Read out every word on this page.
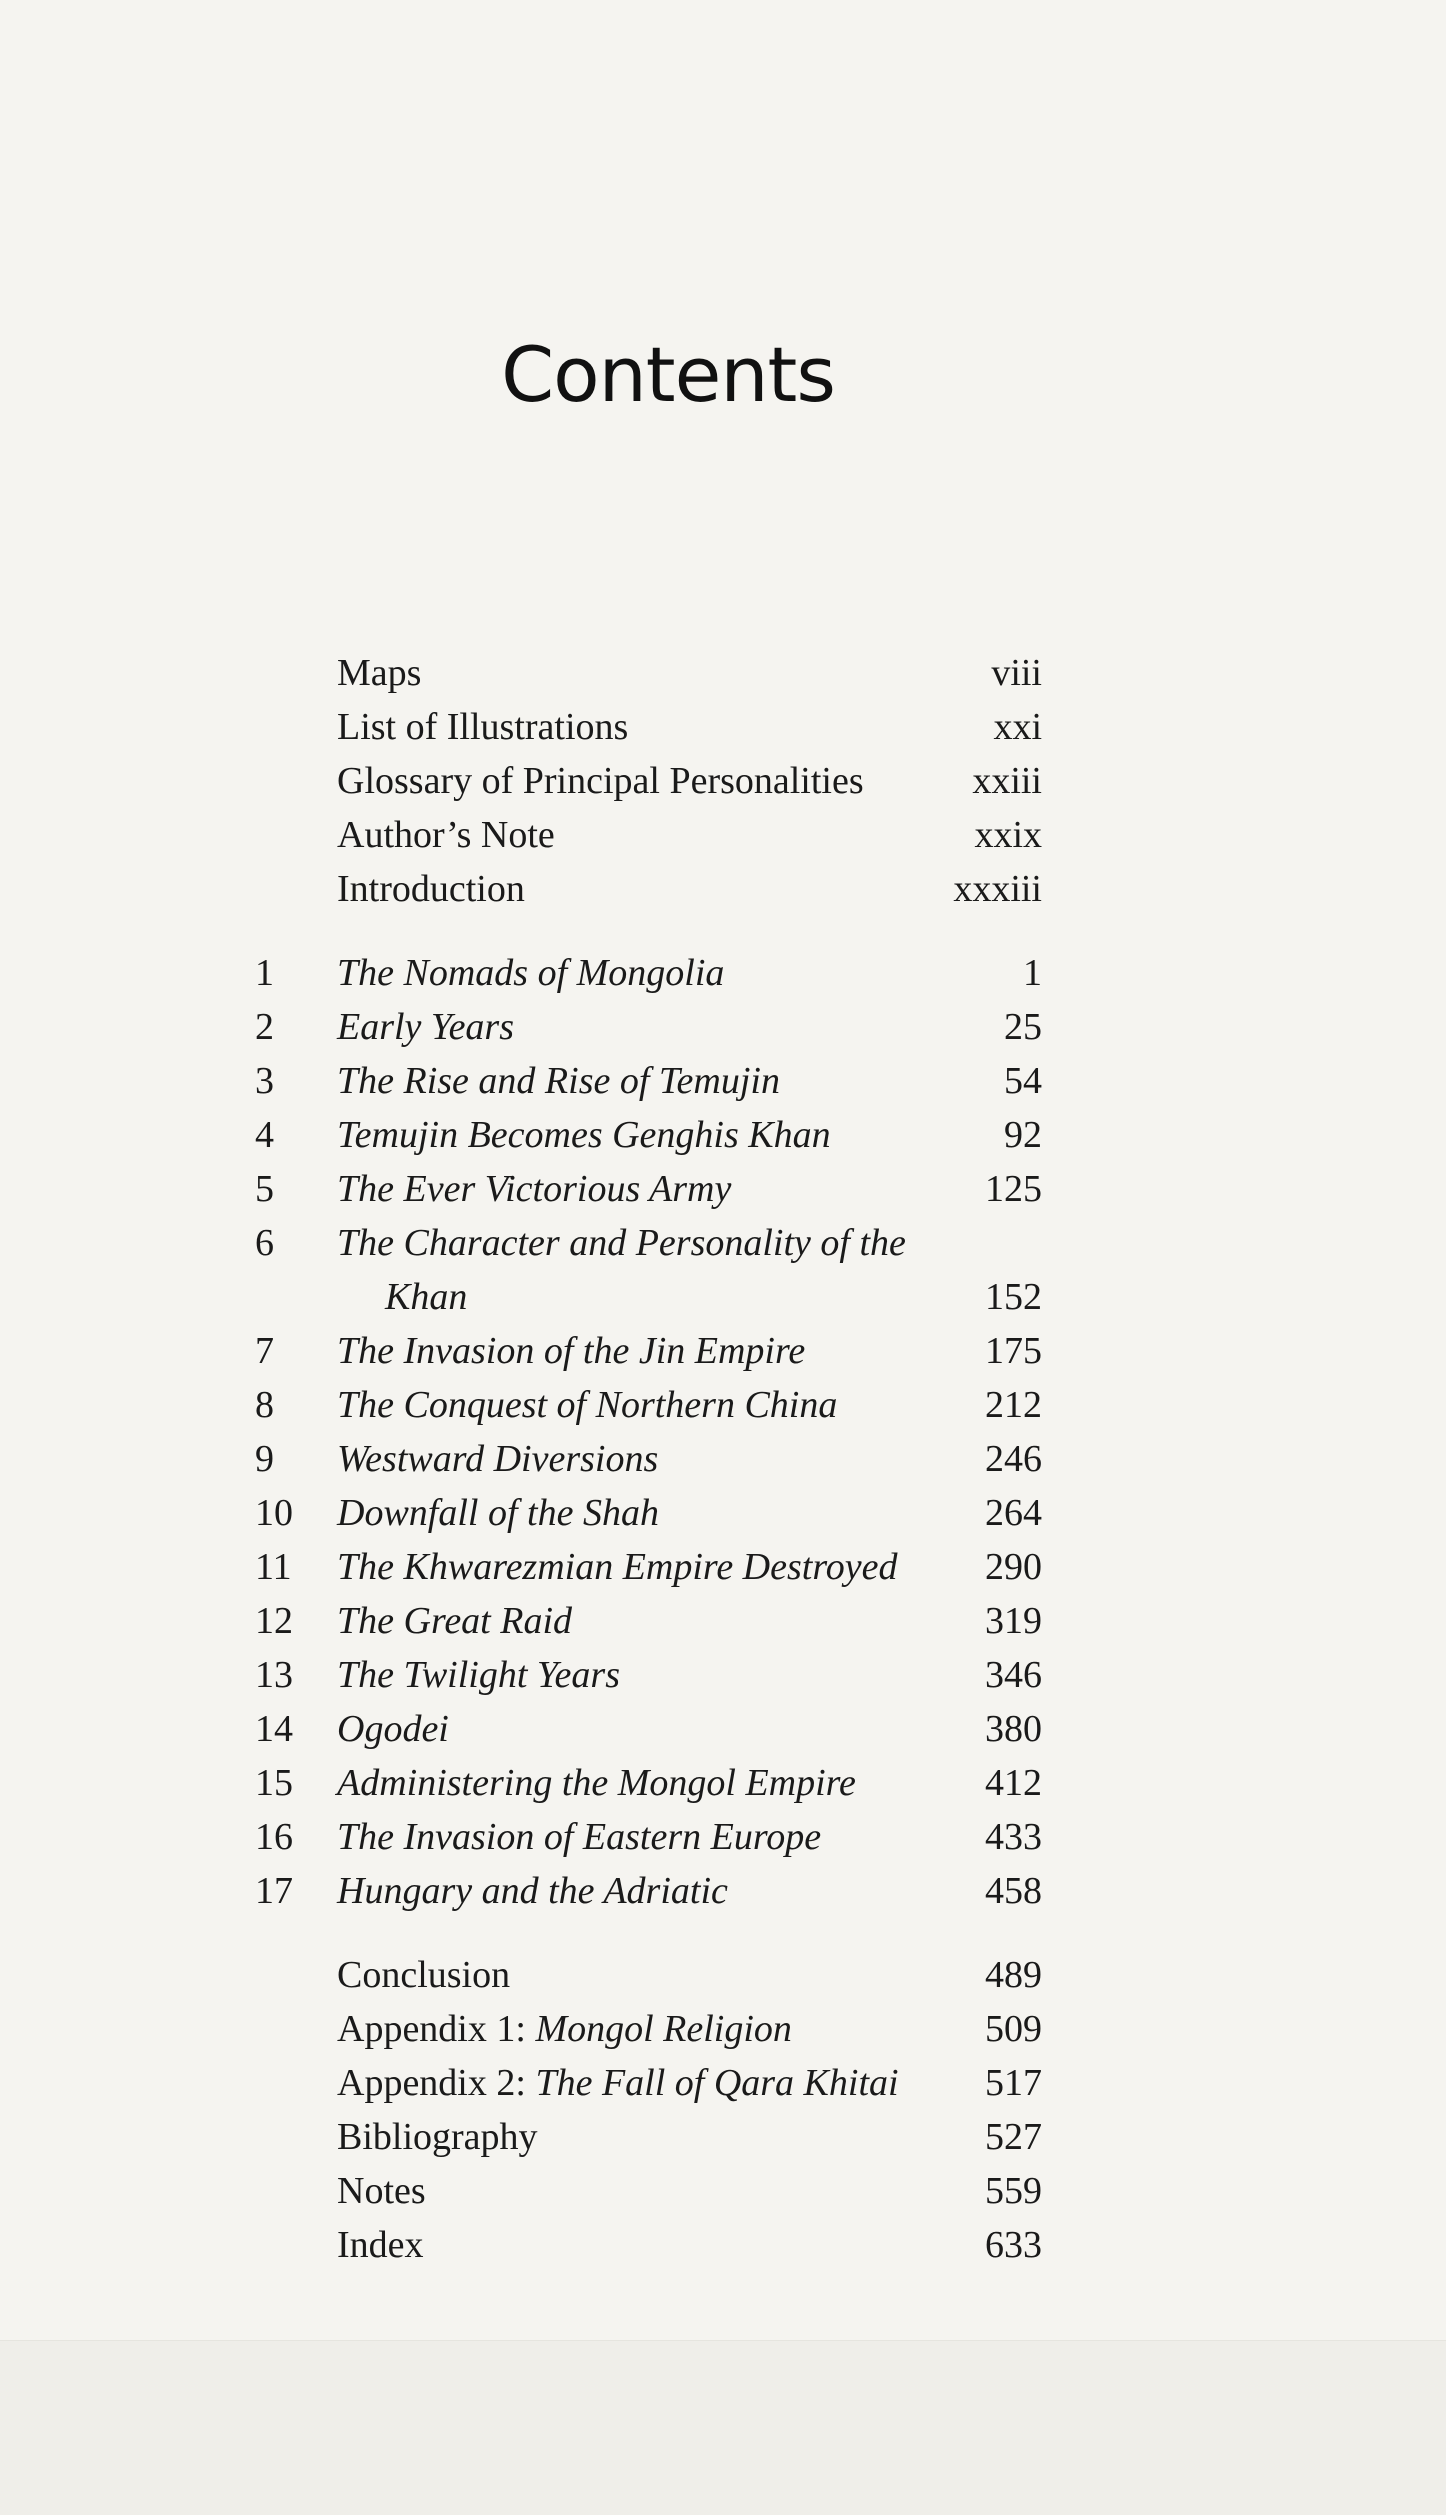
Contents
Maps	viii
List of Illustrations	xxi
Glossary of Principal Personalities	xxiii
Author’s Note	xxix
Introduction	xxxiii
1	The Nomads of Mongolia	1
2	Early Years	25
3	The Rise and Rise of Temujin	54
4	Temujin Becomes Genghis Khan	92
5	The Ever Victorious Army	125
6	The Character and Personality of the
Khan	152
7	The Invasion of the Jin Empire	175
8	The Conquest of Northern China	212
9	Westward Diversions	246
10	Downfall of the Shah	264
11	The Khwarezmian Empire Destroyed 290
12	The Great Raid	319
13	The Twilight Years	346
14	Ogodei	380
15	Administering the Mongol Empire	412
16	The Invasion of Eastern Europe	433
17	Hungary and the Adriatic	458
Conclusion	489
Appendix 1: Mongol Religion	509
Appendix 2: The Fall of Qara Khitai 517
Bibliography	527
Notes	559
Index	633
